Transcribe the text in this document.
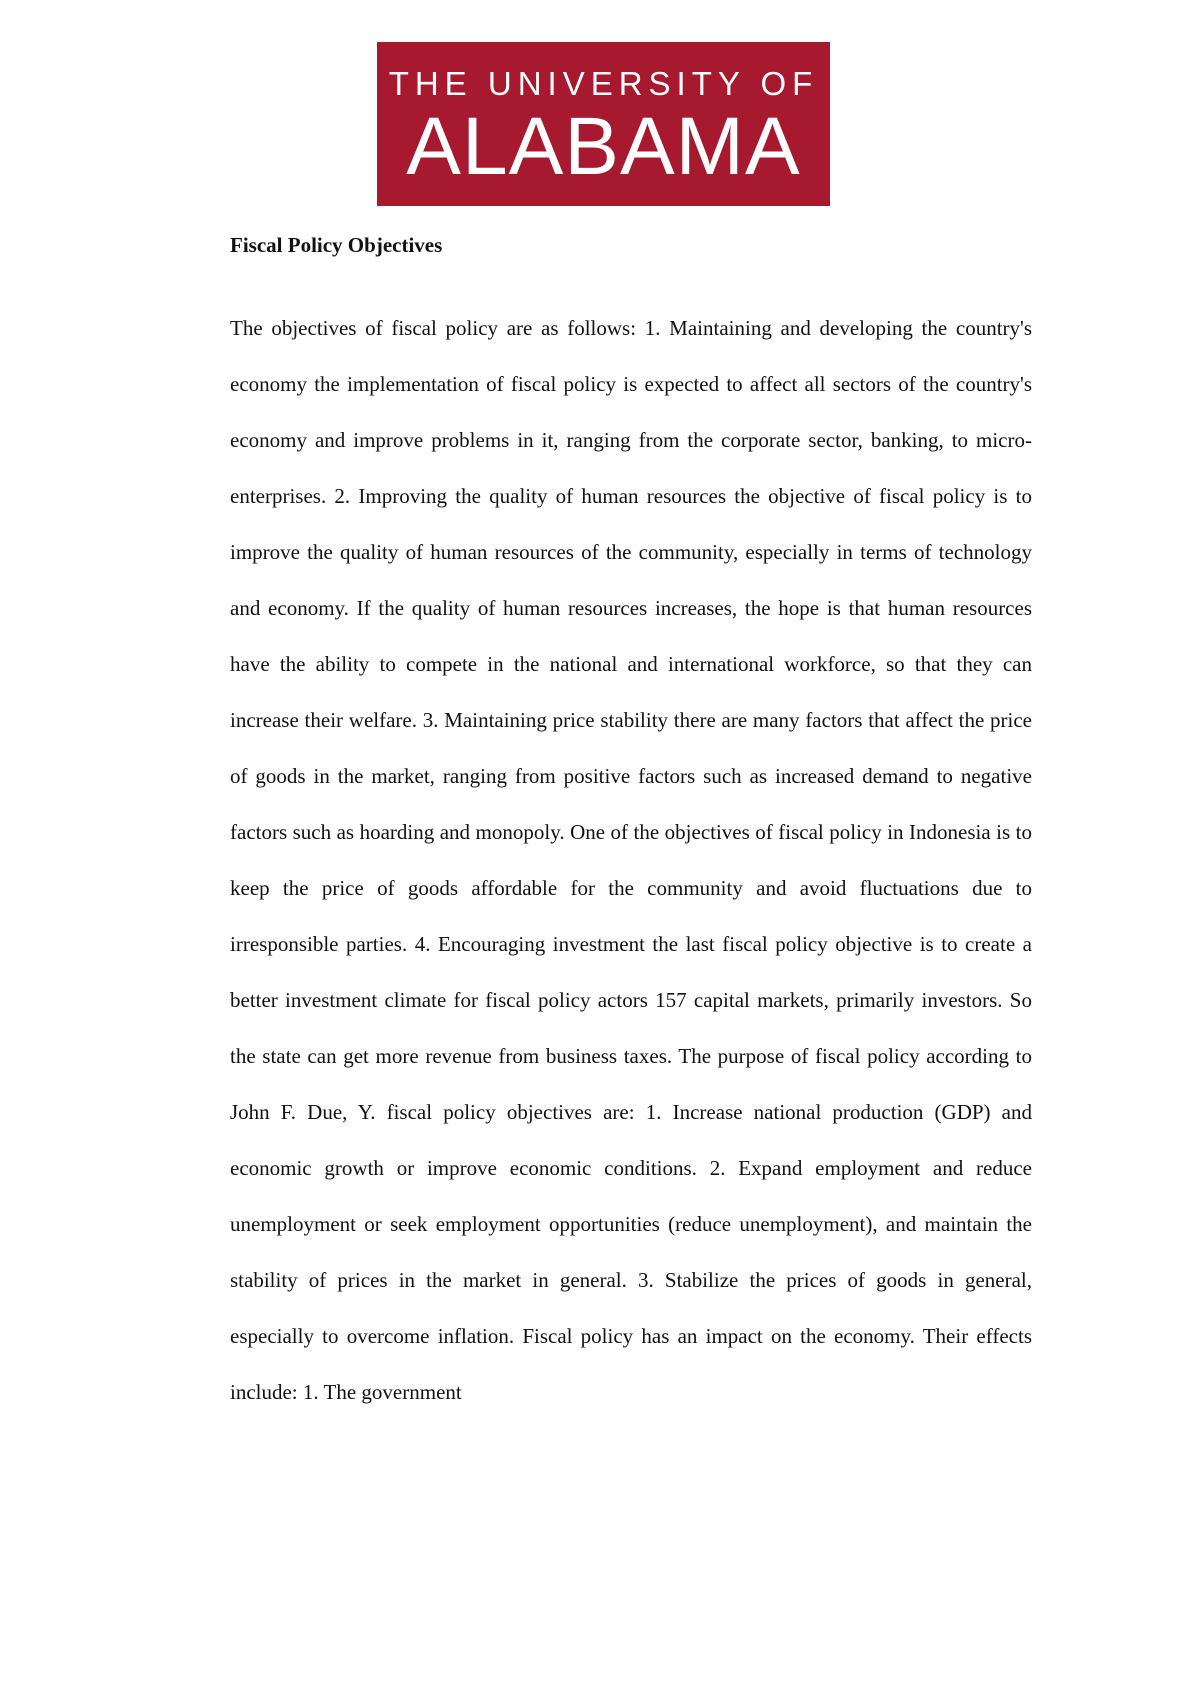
THE UNIVERSITY OF
ALABAMA
Fiscal Policy Objectives

The objectives of fiscal policy are as follows: 1. Maintaining and developing the country's economy the implementation of fiscal policy is expected to affect all sectors of the country's economy and improve problems in it, ranging from the corporate sector, banking, to micro-enterprises. 2. Improving the quality of human resources the objective of fiscal policy is to improve the quality of human resources of the community, especially in terms of technology and economy. If the quality of human resources increases, the hope is that human resources have the ability to compete in the national and international workforce, so that they can increase their welfare. 3. Maintaining price stability there are many factors that affect the price of goods in the market, ranging from positive factors such as increased demand to negative factors such as hoarding and monopoly. One of the objectives of fiscal policy in Indonesia is to keep the price of goods affordable for the community and avoid fluctuations due to irresponsible parties. 4. Encouraging investment the last fiscal policy objective is to create a better investment climate for fiscal policy actors 157 capital markets, primarily investors. So the state can get more revenue from business taxes. The purpose of fiscal policy according to John F. Due, Y. fiscal policy objectives are: 1. Increase national production (GDP) and economic growth or improve economic conditions. 2. Expand employment and reduce unemployment or seek employment opportunities (reduce unemployment), and maintain the stability of prices in the market in general. 3. Stabilize the prices of goods in general, especially to overcome inflation. Fiscal policy has an impact on the economy. Their effects include: 1. The government
